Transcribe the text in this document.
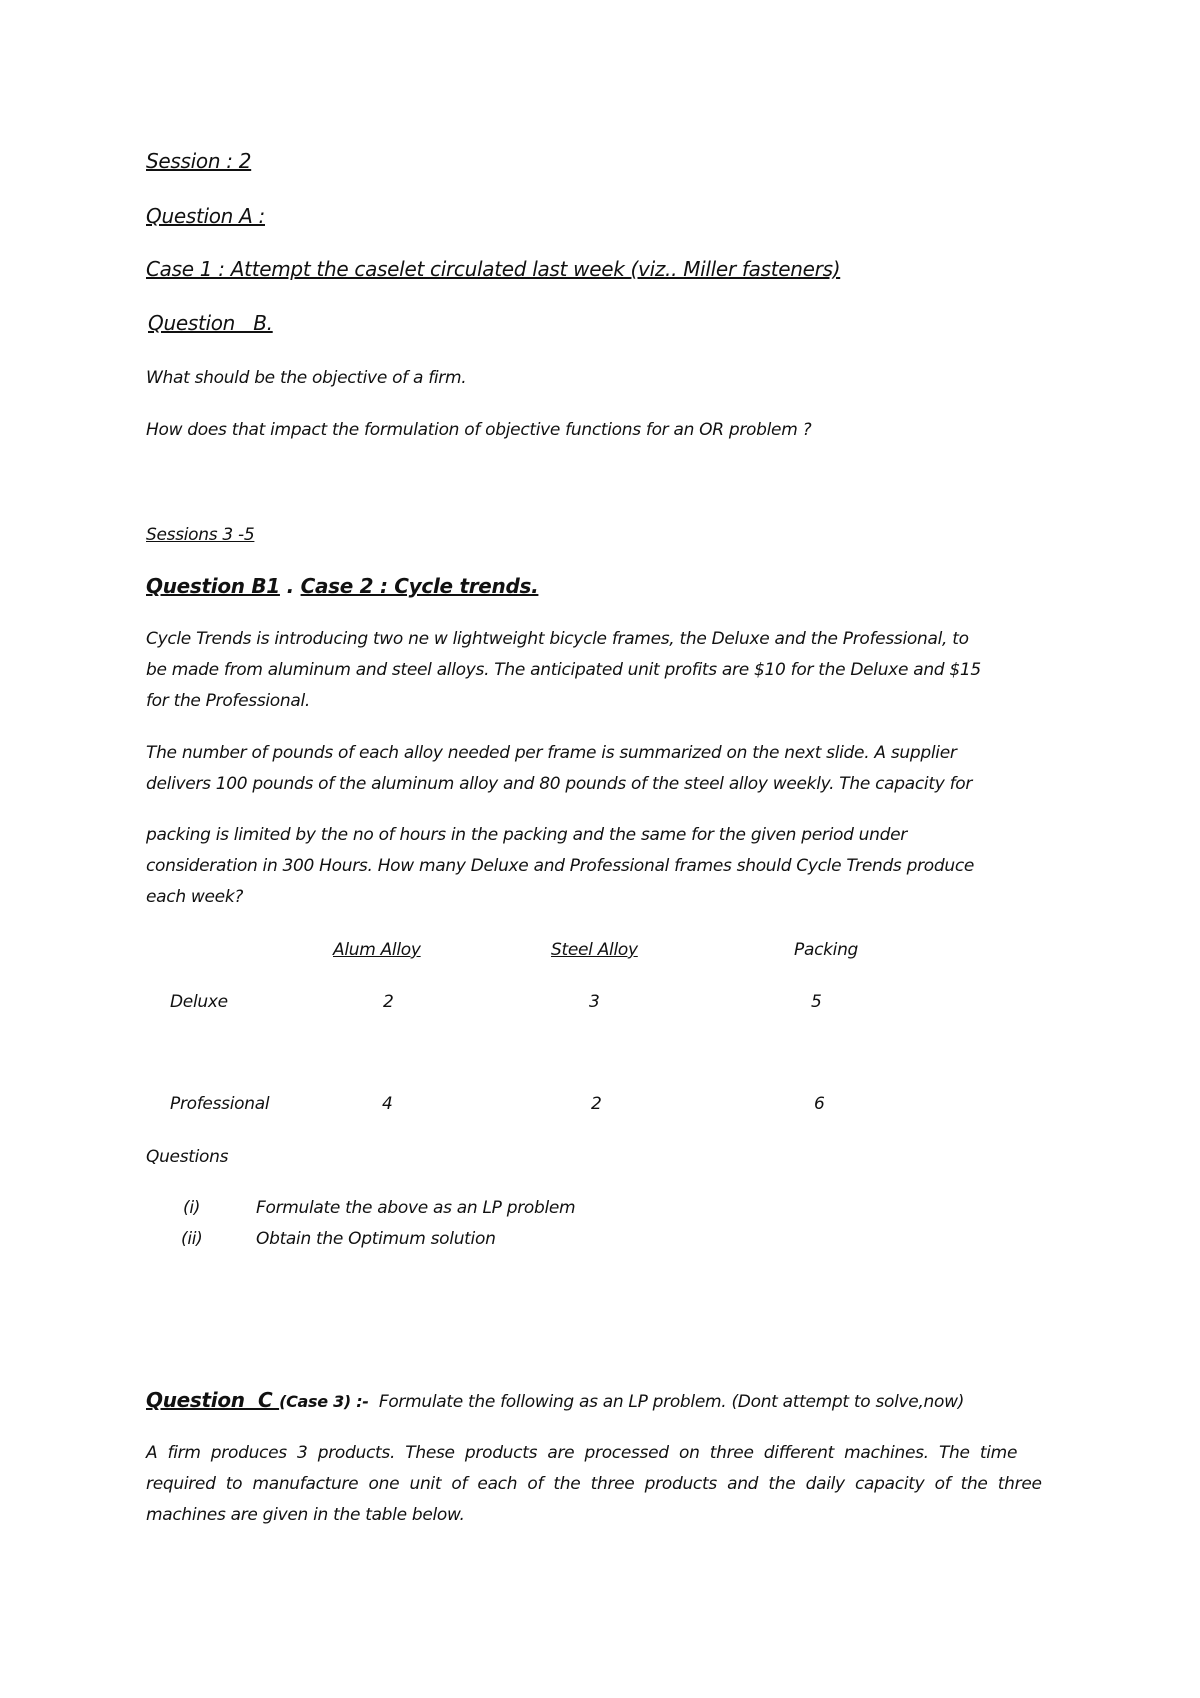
Session : 2

Question A :

Case 1 : Attempt the caselet circulated last week (viz.. Miller fasteners)

Question   B.

What should be the objective of a firm.

How does that impact the formulation of objective functions for an OR problem ?

Sessions 3 -5

Question B1 . Case 2 : Cycle trends.

Cycle Trends is introducing two ne w lightweight bicycle frames, the Deluxe and the Professional, to

be made from aluminum and steel alloys. The anticipated unit profits are $10 for the Deluxe and $15

for the Professional.

The number of pounds of each alloy needed per frame is summarized on the next slide. A supplier

delivers 100 pounds of the aluminum alloy and 80 pounds of the steel alloy weekly. The capacity for

packing is limited by the no of hours in the packing and the same for the given period under

consideration in 300 Hours. How many Deluxe and Professional frames should Cycle Trends produce

each week?

Alum Alloy	Steel Alloy	Packing

Deluxe	2	3	5

Professional	4	2	6

Questions

(i)	Formulate the above as an LP problem

(ii)	Obtain the Optimum solution

Question  C (Case 3) :-  Formulate the following as an LP problem. (Dont attempt to solve,now)

A  firm  produces  3  products.  These  products  are  processed  on  three  different  machines.  The  time

required  to  manufacture  one  unit  of  each  of  the  three  products  and  the  daily  capacity  of  the  three

machines are given in the table below.
